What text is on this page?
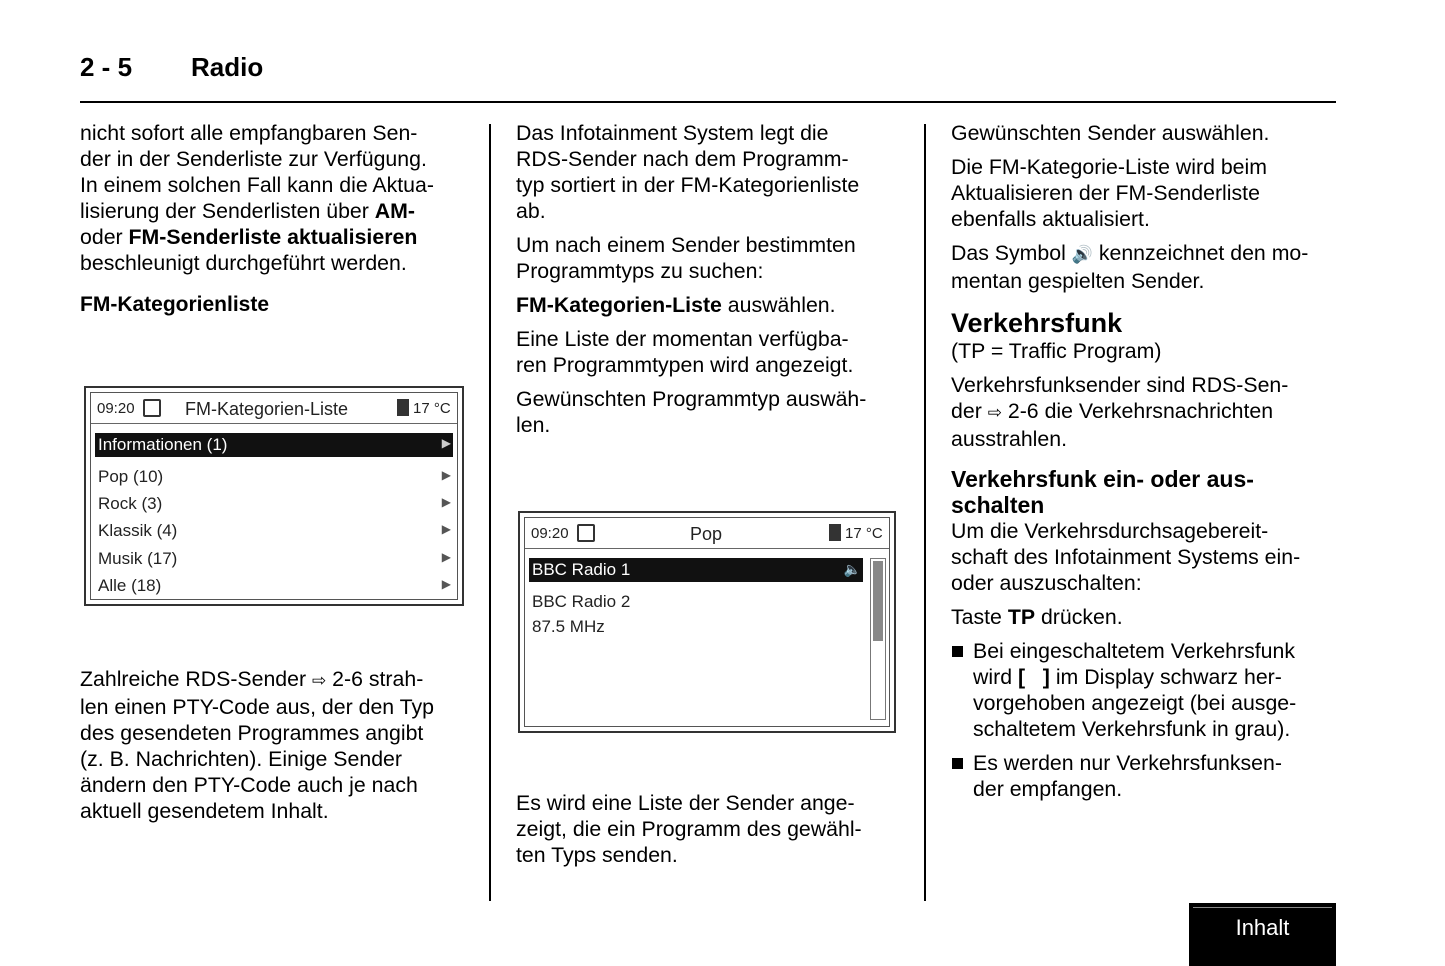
2 - 5 Radio

nicht sofort alle empfangbaren Sen-
der in der Senderliste zur Verfügung.
In einem solchen Fall kann die Aktua-
lisierung der Senderlisten über AM-
oder FM-Senderliste aktualisieren
beschleunigt durchgeführt werden.

FM-Kategorienliste
09:20	FM-Kategorien-Liste	17 °C
Informationen (1)	▶
Pop (10)	▶
Rock (3)	▶
Klassik (4)	▶
Musik (17)	▶
Alle (18)	▶
Zahlreiche RDS-Sender ⇨ 2-6 strah-
len einen PTY-Code aus, der den Typ
des gesendeten Programmes angibt
(z. B. Nachrichten). Einige Sender
ändern den PTY-Code auch je nach
aktuell gesendetem Inhalt.

Das Infotainment System legt die
RDS-Sender nach dem Programm-
typ sortiert in der FM-Kategorienliste
ab.

Um nach einem Sender bestimmten
Programmtyps zu suchen:

FM-Kategorien-Liste auswählen.

Eine Liste der momentan verfügba-
ren Programmtypen wird angezeigt.

Gewünschten Programmtyp auswäh-
len.

09:20	Pop	17 °C
BBC Radio 1	🔈
BBC Radio 2
87.5 MHz
Es wird eine Liste der Sender ange-
zeigt, die ein Programm des gewähl-
ten Typs senden.

Gewünschten Sender auswählen.

Die FM-Kategorie-Liste wird beim
Aktualisieren der FM-Senderliste
ebenfalls aktualisiert.

Das Symbol 🔊 kennzeichnet den mo-
mentan gespielten Sender.

Verkehrsfunk

(TP = Traffic Program)

Verkehrsfunksender sind RDS-Sen-
der ⇨ 2-6 die Verkehrsnachrichten
ausstrahlen.

Verkehrsfunk ein- oder aus-
schalten

Um die Verkehrsdurchsagebereit-
schaft des Infotainment Systems ein-
oder auszuschalten:

Taste TP drücken.

Bei eingeschaltetem Verkehrsfunk
wird [   ] im Display schwarz her-
vorgehoben angezeigt (bei ausge-
schaltetem Verkehrsfunk in grau).
Es werden nur Verkehrsfunksen-
der empfangen.
Inhalt
